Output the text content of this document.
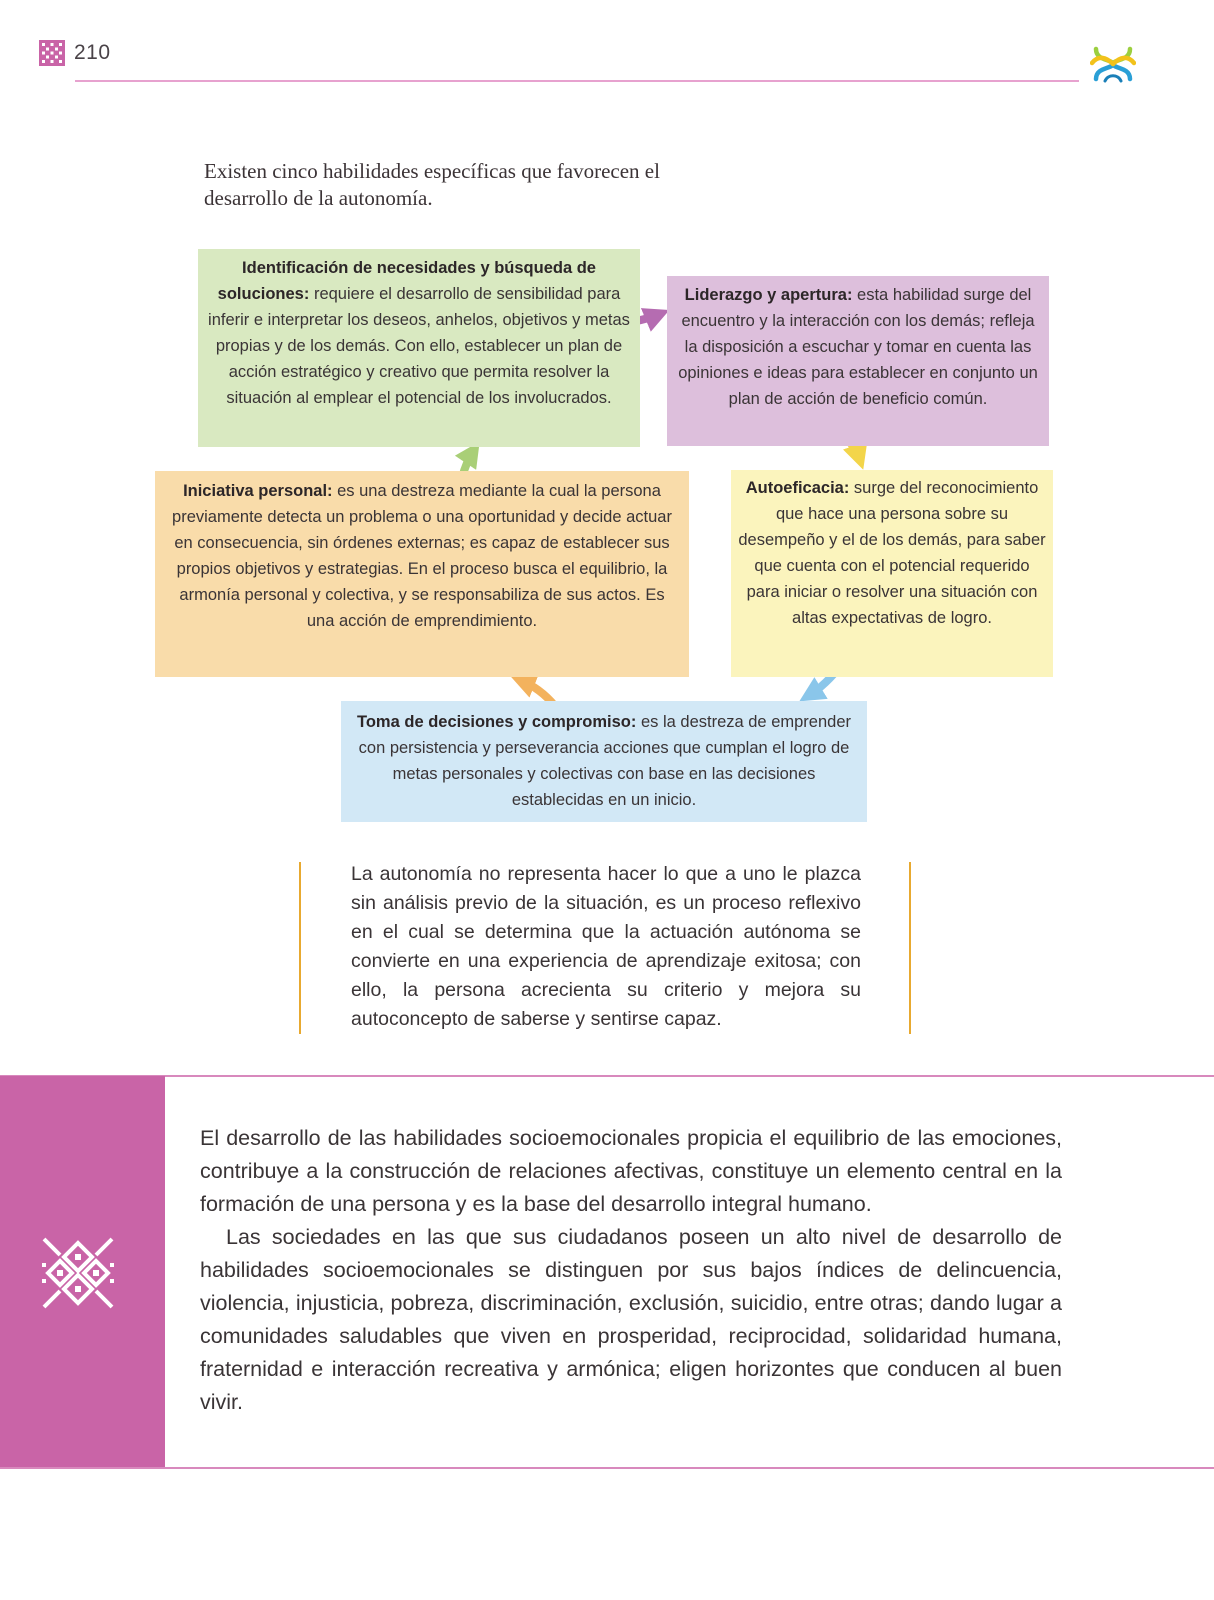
210
Existen cinco habilidades específicas que favorecen el desarrollo de la autonomía.
Identificación de necesidades y búsqueda de soluciones: requiere el desarrollo de sensibilidad para inferir e interpretar los deseos, anhelos, objetivos y metas propias y de los demás. Con ello, establecer un plan de acción estratégico y creativo que permita resolver la situación al emplear el potencial de los involucrados.
Liderazgo y apertura: esta habilidad surge del encuentro y la interacción con los demás; refleja la disposición a escuchar y tomar en cuenta las opiniones e ideas para establecer en conjunto un plan de acción de beneficio común.
Iniciativa personal: es una destreza mediante la cual la persona previamente detecta un problema o una oportunidad y decide actuar en consecuencia, sin órdenes externas; es capaz de establecer sus propios objetivos y estrategias. En el proceso busca el equilibrio, la armonía personal y colectiva, y se responsabiliza de sus actos. Es una acción de emprendimiento.
Autoeficacia: surge del reconocimiento que hace una persona sobre su desempeño y el de los demás, para saber que cuenta con el potencial requerido para iniciar o resolver una situación con altas expectativas de logro.
Toma de decisiones y compromiso: es la destreza de emprender con persistencia y perseverancia acciones que cumplan el logro de metas personales y colectivas con base en las decisiones establecidas en un inicio.
La autonomía no representa hacer lo que a uno le plazca sin análisis previo de la situación, es un proceso reflexivo en el cual se determina que la actuación autónoma se convierte en una experiencia de aprendizaje exitosa; con ello, la persona acrecienta su criterio y mejora su autoconcepto de saberse y sentirse capaz.

El desarrollo de las habilidades socioemocionales propicia el equilibrio de las emociones, contribuye a la construcción de relaciones afectivas, constituye un elemento central en la formación de una persona y es la base del desarrollo integral humano.

Las sociedades en las que sus ciudadanos poseen un alto nivel de desarrollo de habilidades socioemocionales se distinguen por sus bajos índices de delincuencia, violencia, injusticia, pobreza, discriminación, exclusión, suicidio, entre otras; dando lugar a comunidades saludables que viven en prosperidad, reciprocidad, solidaridad humana, fraternidad e interacción recreativa y armónica; eligen horizontes que conducen al buen vivir.
